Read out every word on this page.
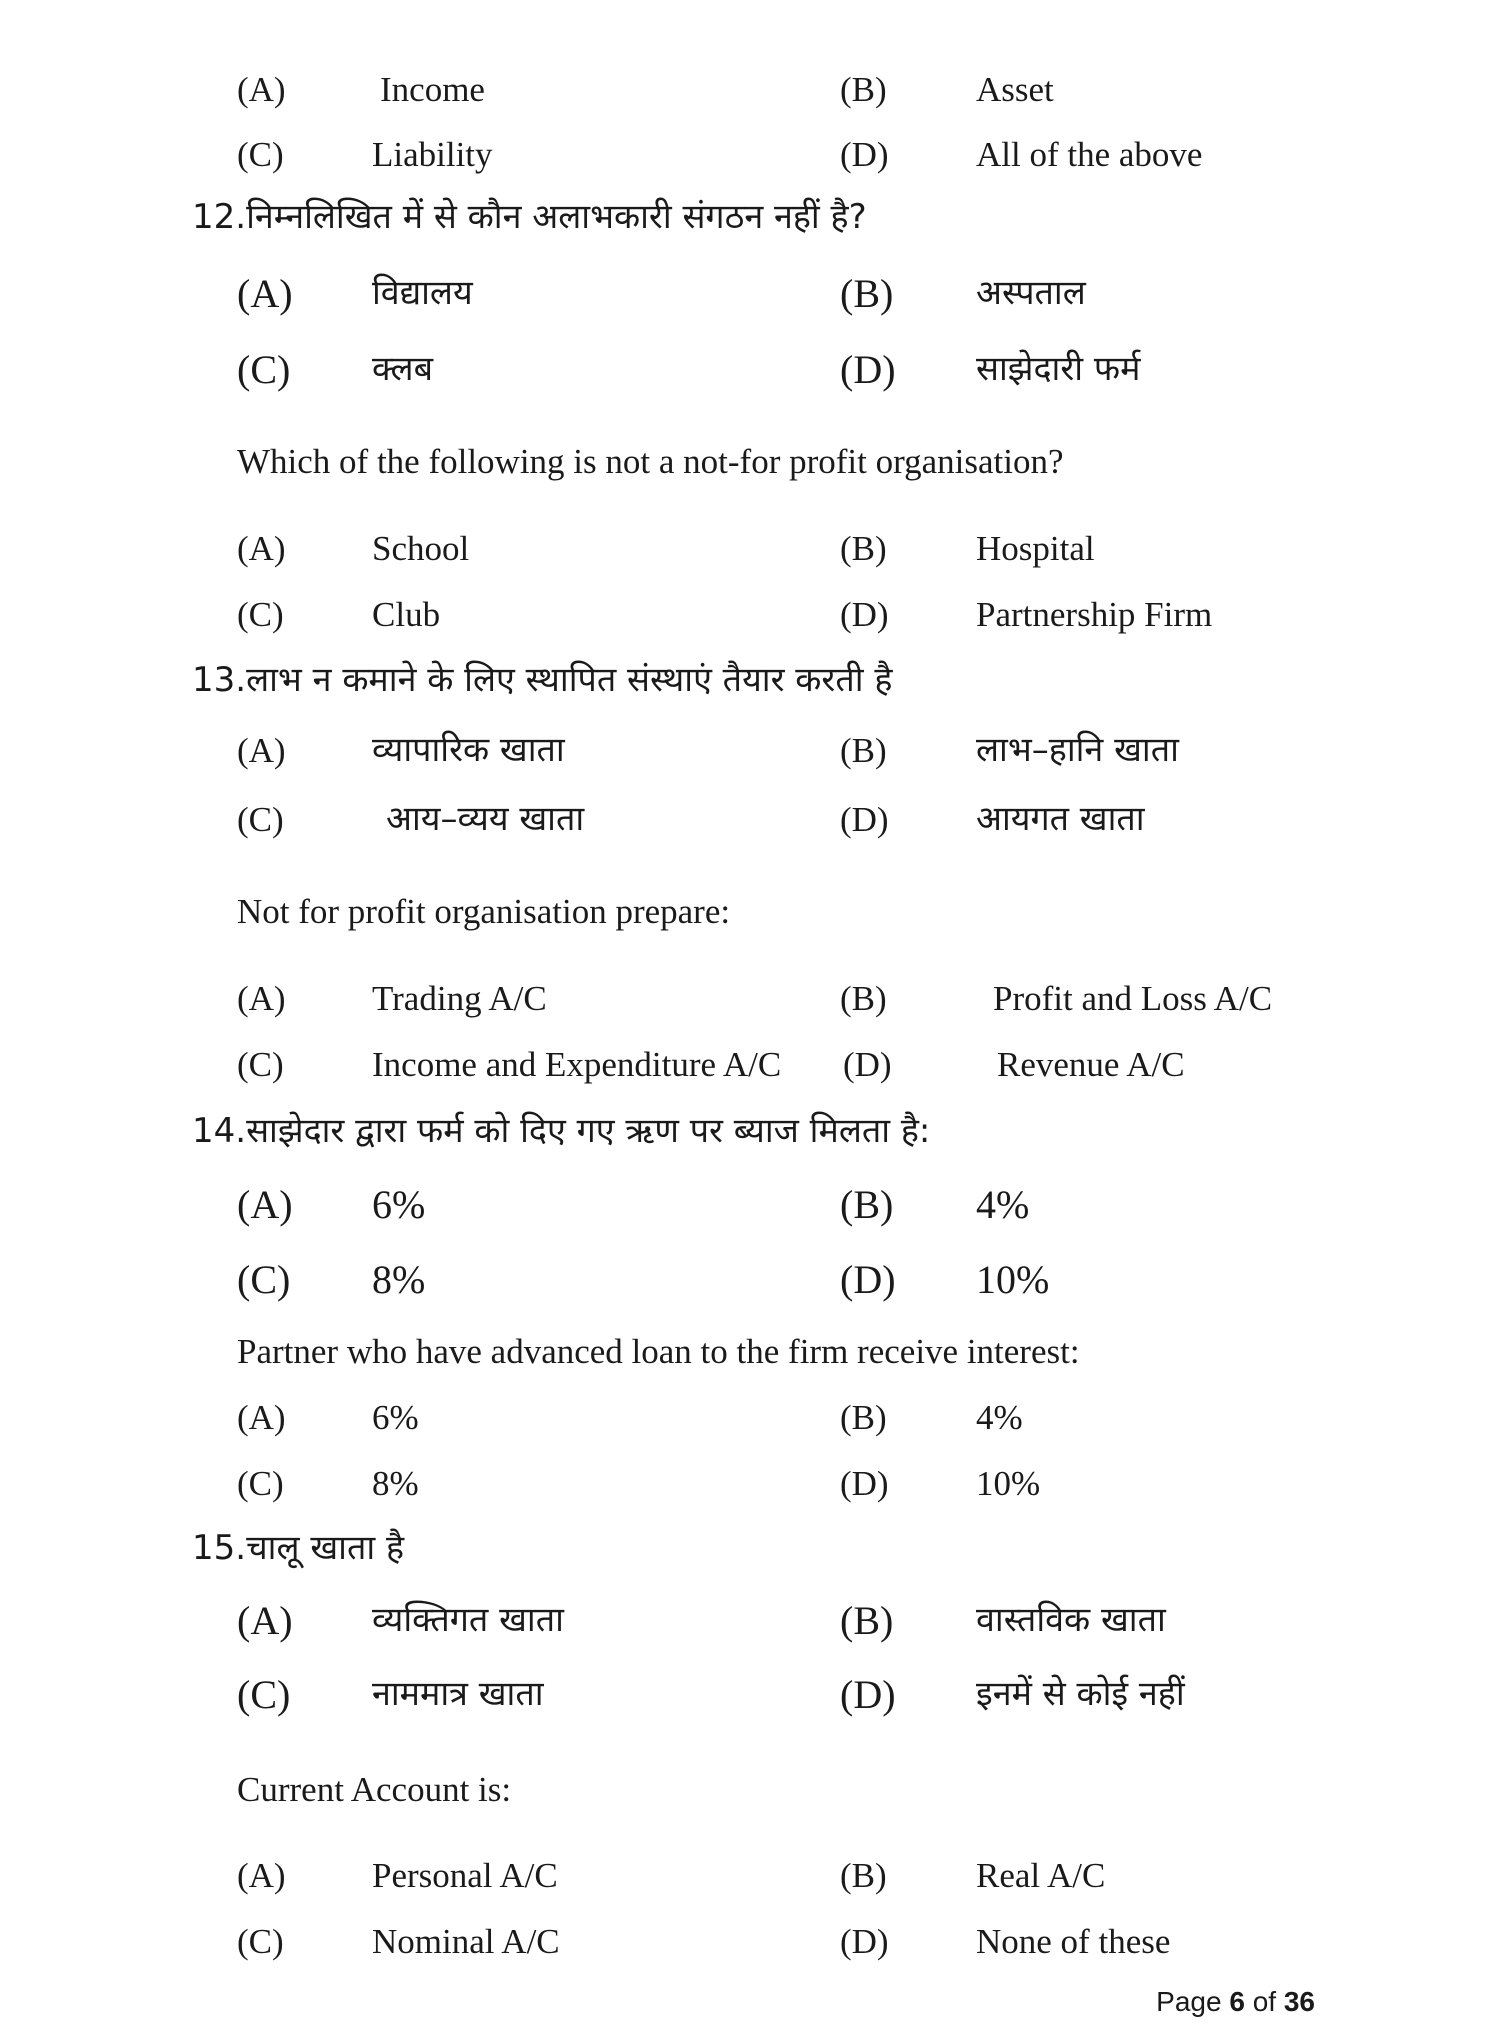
(A)	Income	(B)	Asset
(C)	Liability	(D) All of the above
12.निम्नलिखित में से कौन अलाभकारी संगठन नहीं है?
(A) विद्यालय	(B) अस्पताल
(C) क्लब	(D) साझेदारी फर्म
Which of the following is not a not-for profit organisation?
(A) School	(B)	Hospital
(C)	Club	(D) Partnership Firm
13.लाभ न कमाने के लिए स्थापित संस्थाएं तैयार करती है
(A)	व्यापारिक खाता	(B)	लाभ–हानि खाता
(C)	आय–व्यय खाता	(D)	आयगत खाता
Not for profit organisation prepare:
(A) Trading A/C	(B)	Profit and Loss A/C
(C)	Income and Expenditure A/C (D)	Revenue A/C
14.साझेदार द्वारा फर्म को दिए गए ऋण पर ब्याज मिलता है:
(A) 6%	(B) 4%
(C) 8%	(D) 10%
Partner who have advanced loan to the firm receive interest:
(A) 6%	(B)	4%
(C)	8%	(D) 10%
15.चालू खाता है
(A) व्यक्तिगत खाता	(B) वास्तविक खाता
(C) नाममात्र खाता	(D) इनमें से कोई नहीं
Current Account is:
(A) Personal A/C	(B)	Real A/C
(C)	Nominal A/C	(D) None of these
Page 6 of 36
